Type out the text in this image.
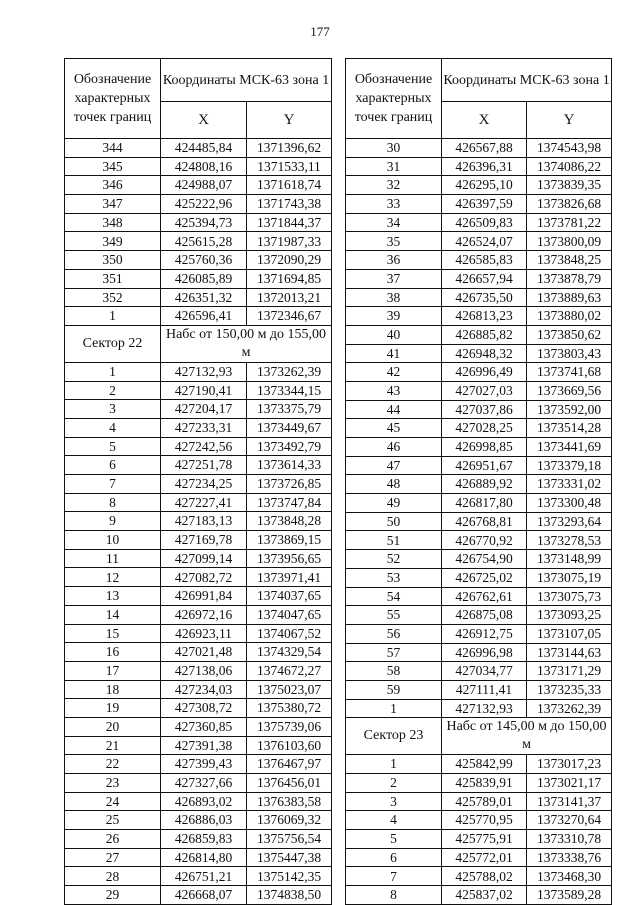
177
Обозначение характерных точек границ	Координаты МСК-63 зона 1	
	X	Y
344	424485,84	1371396,62
345	424808,16	1371533,11
346	424988,07	1371618,74
347	425222,96	1371743,38
348	425394,73	1371844,37
349	425615,28	1371987,33
350	425760,36	1372090,29
351	426085,89	1371694,85
352	426351,32	1372013,21
1	426596,41	1372346,67
Сектор 22	Набс от 150,00 м до 155,00 м	

1	427132,93	1373262,39
2	427190,41	1373344,15
3	427204,17	1373375,79
4	427233,31	1373449,67
5	427242,56	1373492,79
6	427251,78	1373614,33
7	427234,25	1373726,85
8	427227,41	1373747,84
9	427183,13	1373848,28
10	427169,78	1373869,15
11	427099,14	1373956,65
12	427082,72	1373971,41
13	426991,84	1374037,65
14	426972,16	1374047,65
15	426923,11	1374067,52
16	427021,48	1374329,54
17	427138,06	1374672,27
18	427234,03	1375023,07
19	427308,72	1375380,72
20	427360,85	1375739,06
21	427391,38	1376103,60
22	427399,43	1376467,97
23	427327,66	1376456,01
24	426893,02	1376383,58
25	426886,03	1376069,32
26	426859,83	1375756,54
27	426814,80	1375447,38
28	426751,21	1375142,35
29	426668,07	1374838,50
Обозначение характерных точек границ	Координаты МСК-63 зона 1	
	X	Y
30	426567,88	1374543,98
31	426396,31	1374086,22
32	426295,10	1373839,35
33	426397,59	1373826,68
34	426509,83	1373781,22
35	426524,07	1373800,09
36	426585,83	1373848,25
37	426657,94	1373878,79
38	426735,50	1373889,63
39	426813,23	1373880,02
40	426885,82	1373850,62
41	426948,32	1373803,43
42	426996,49	1373741,68
43	427027,03	1373669,56
44	427037,86	1373592,00
45	427028,25	1373514,28
46	426998,85	1373441,69
47	426951,67	1373379,18
48	426889,92	1373331,02
49	426817,80	1373300,48
50	426768,81	1373293,64
51	426770,92	1373278,53
52	426754,90	1373148,99
53	426725,02	1373075,19
54	426762,61	1373075,73
55	426875,08	1373093,25
56	426912,75	1373107,05
57	426996,98	1373144,63
58	427034,77	1373171,29
59	427111,41	1373235,33
1	427132,93	1373262,39
Сектор 23	Набс от 145,00 м до 150,00 м	

1	425842,99	1373017,23
2	425839,91	1373021,17
3	425789,01	1373141,37
4	425770,95	1373270,64
5	425775,91	1373310,78
6	425772,01	1373338,76
7	425788,02	1373468,30
8	425837,02	1373589,28
